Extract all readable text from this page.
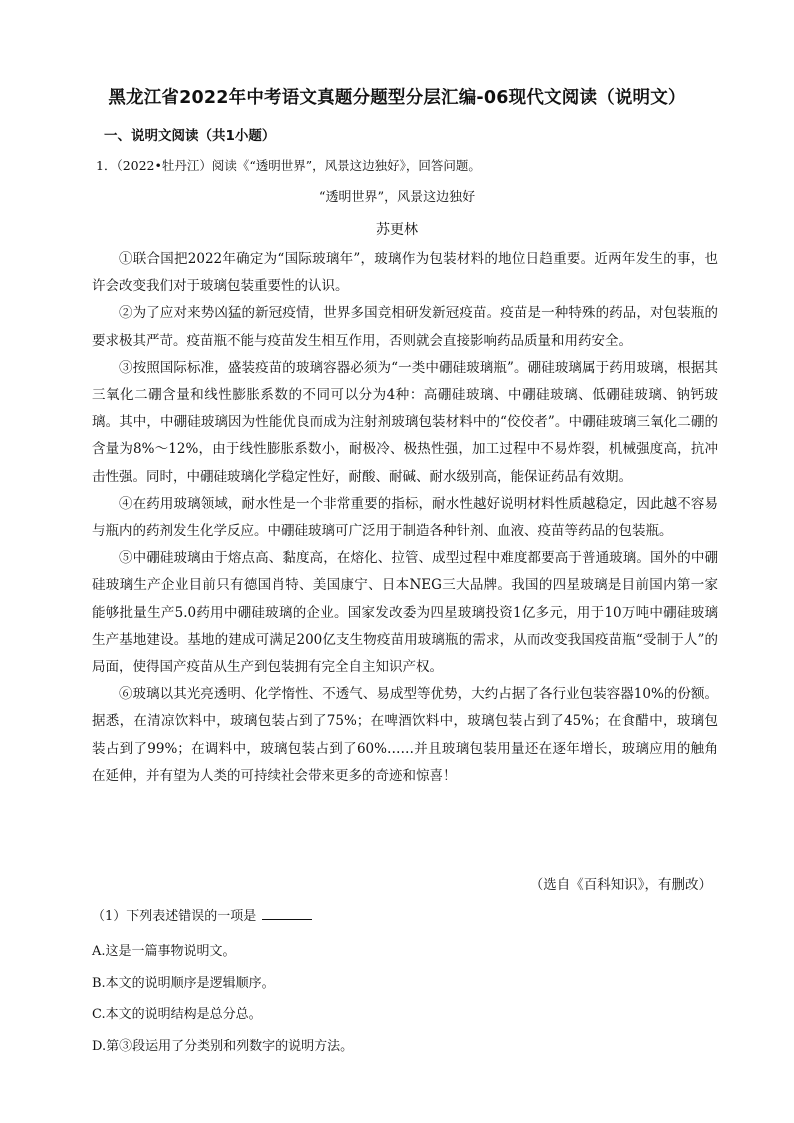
黑龙江省2022年中考语文真题分题型分层汇编-06现代文阅读（说明文）
一、说明文阅读（共1小题）
1．（2022•牡丹江）阅读《“透明世界”，风景这边独好》，回答问题。
“透明世界”，风景这边独好
苏更林

①联合国把2022年确定为“国际玻璃年”，玻璃作为包装材料的地位日趋重要。近两年发生的事，也许会改变我们对于玻璃包装重要性的认识。

②为了应对来势凶猛的新冠疫情，世界多国竞相研发新冠疫苗。疫苗是一种特殊的药品，对包装瓶的要求极其严苛。疫苗瓶不能与疫苗发生相互作用，否则就会直接影响药品质量和用药安全。

③按照国际标准，盛装疫苗的玻璃容器必须为“一类中硼硅玻璃瓶”。硼硅玻璃属于药用玻璃，根据其三氧化二硼含量和线性膨胀系数的不同可以分为4种：高硼硅玻璃、中硼硅玻璃、低硼硅玻璃、钠钙玻璃。其中，中硼硅玻璃因为性能优良而成为注射剂玻璃包装材料中的“佼佼者”。中硼硅玻璃三氧化二硼的含量为8%～12%，由于线性膨胀系数小，耐极冷、极热性强，加工过程中不易炸裂，机械强度高，抗冲击性强。同时，中硼硅玻璃化学稳定性好，耐酸、耐碱、耐水级别高，能保证药品有效期。

④在药用玻璃领域，耐水性是一个非常重要的指标，耐水性越好说明材料性质越稳定，因此越不容易与瓶内的药剂发生化学反应。中硼硅玻璃可广泛用于制造各种针剂、血液、疫苗等药品的包装瓶。

⑤中硼硅玻璃由于熔点高、黏度高，在熔化、拉管、成型过程中难度都要高于普通玻璃。国外的中硼硅玻璃生产企业目前只有德国肖特、美国康宁、日本NEG三大品牌。我国的四星玻璃是目前国内第一家能够批量生产5.0药用中硼硅玻璃的企业。国家发改委为四星玻璃投资1亿多元，用于10万吨中硼硅玻璃生产基地建设。基地的建成可满足200亿支生物疫苗用玻璃瓶的需求，从而改变我国疫苗瓶“受制于人”的局面，使得国产疫苗从生产到包装拥有完全自主知识产权。

⑥玻璃以其光亮透明、化学惰性、不透气、易成型等优势，大约占据了各行业包装容器10%的份额。据悉，在清凉饮料中，玻璃包装占到了75%；在啤酒饮料中，玻璃包装占到了45%；在食醋中，玻璃包装占到了99%；在调料中，玻璃包装占到了60%……并且玻璃包装用量还在逐年增长，玻璃应用的触角在延伸，并有望为人类的可持续社会带来更多的奇迹和惊喜！

（选自《百科知识》，有删改）
（1）下列表述错误的一项是
A.这是一篇事物说明文。
B.本文的说明顺序是逻辑顺序。
C.本文的说明结构是总分总。
D.第③段运用了分类别和列数字的说明方法。
